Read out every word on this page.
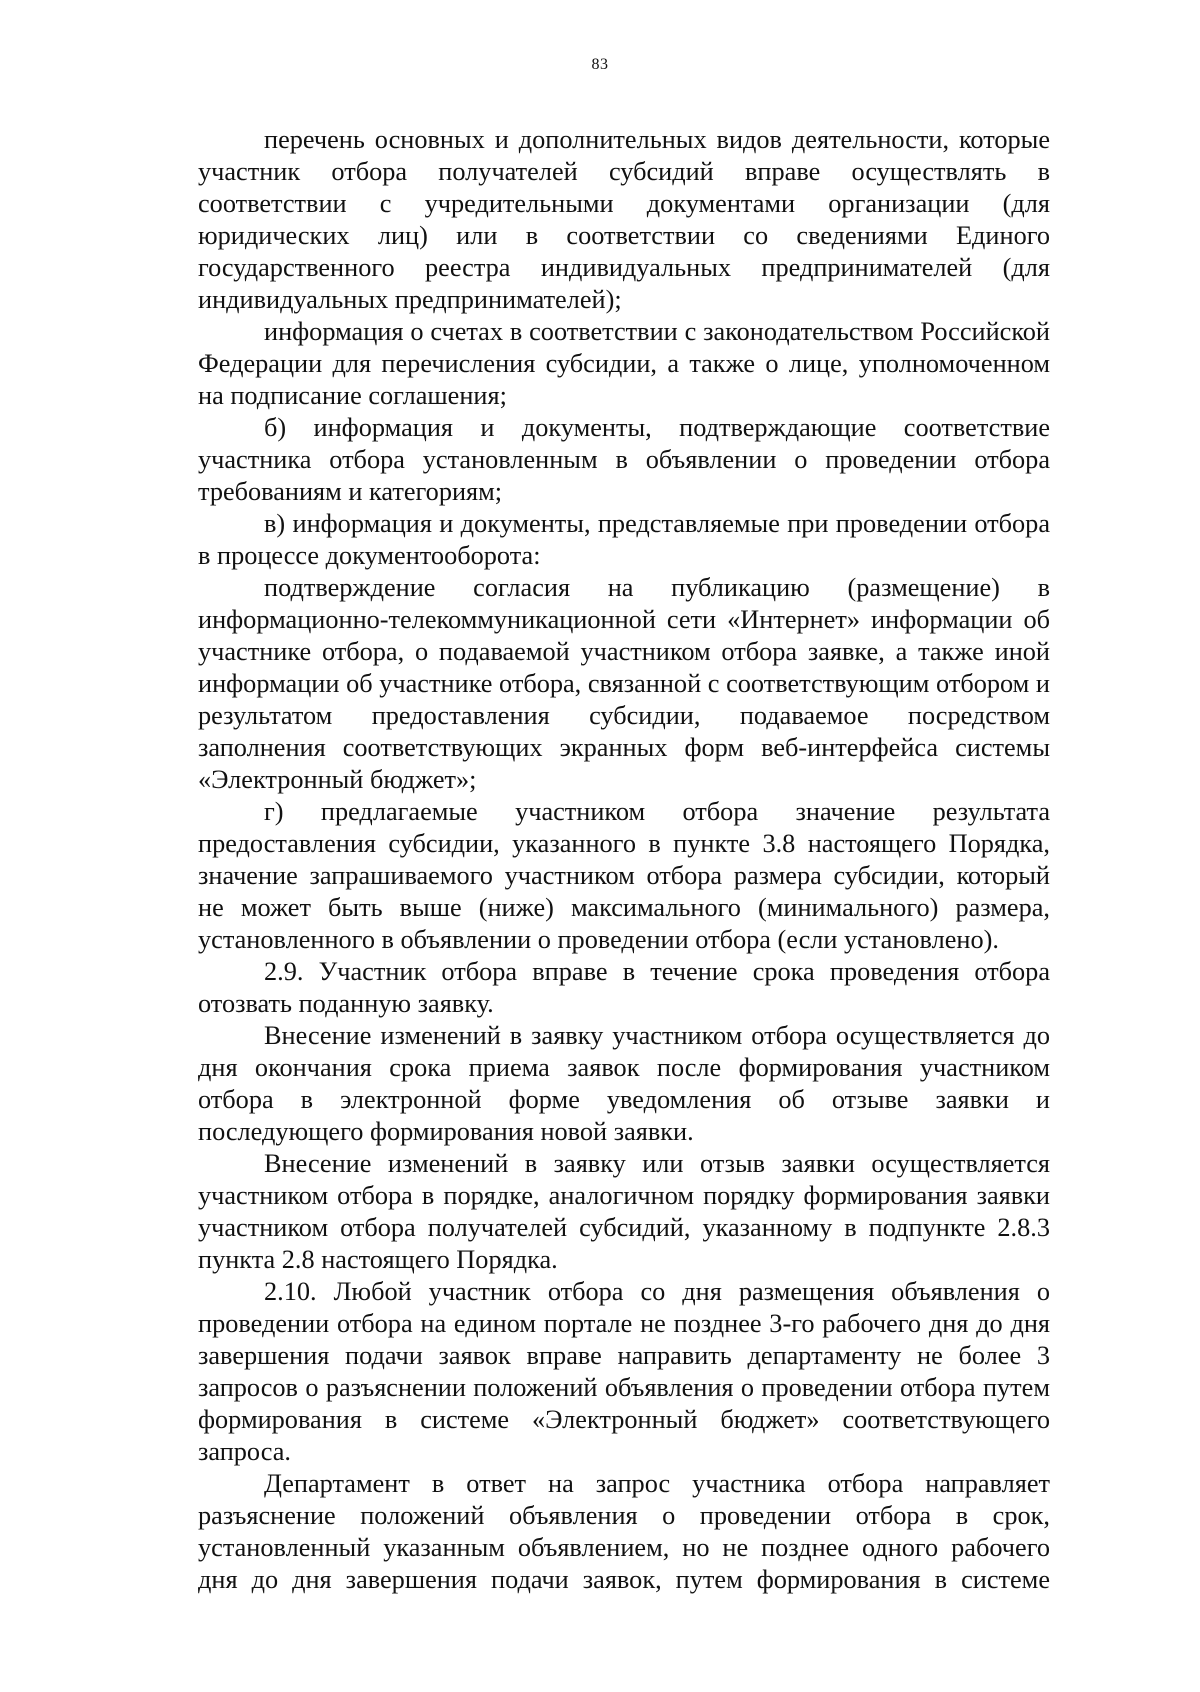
83

перечень основных и дополнительных видов деятельности, которые участник отбора получателей субсидий вправе осуществлять в соответствии с учредительными документами организации (для юридических лиц) или в соответствии со сведениями Единого государственного реестра индивидуальных предпринимателей (для индивидуальных предпринимателей);

информация о счетах в соответствии с законодательством Российской Федерации для перечисления субсидии, а также о лице, уполномоченном на подписание соглашения;

б) информация и документы, подтверждающие соответствие участника отбора установленным в объявлении о проведении отбора требованиям и категориям;

в) информация и документы, представляемые при проведении отбора в процессе документооборота:

подтверждение согласия на публикацию (размещение) в информационно-телекоммуникационной сети «Интернет» информации об участнике отбора, о подаваемой участником отбора заявке, а также иной информации об участнике отбора, связанной с соответствующим отбором и результатом предоставления субсидии, подаваемое посредством заполнения соответствующих экранных форм веб-интерфейса системы «Электронный бюджет»;

г) предлагаемые участником отбора значение результата предоставления субсидии, указанного в пункте 3.8 настоящего Порядка, значение запрашиваемого участником отбора размера субсидии, который не может быть выше (ниже) максимального (минимального) размера, установленного в объявлении о проведении отбора (если установлено).

2.9. Участник отбора вправе в течение срока проведения отбора отозвать поданную заявку.

Внесение изменений в заявку участником отбора осуществляется до дня окончания срока приема заявок после формирования участником отбора в электронной форме уведомления об отзыве заявки и последующего формирования новой заявки.

Внесение изменений в заявку или отзыв заявки осуществляется участником отбора в порядке, аналогичном порядку формирования заявки участником отбора получателей субсидий, указанному в подпункте 2.8.3 пункта 2.8 настоящего Порядка.

2.10. Любой участник отбора со дня размещения объявления о проведении отбора на едином портале не позднее 3-го рабочего дня до дня завершения подачи заявок вправе направить департаменту не более 3 запросов о разъяснении положений объявления о проведении отбора путем формирования в системе «Электронный бюджет» соответствующего запроса.

Департамент в ответ на запрос участника отбора направляет разъяснение положений объявления о проведении отбора в срок, установленный указанным объявлением, но не позднее одного рабочего дня до дня завершения подачи заявок, путем формирования в системе
